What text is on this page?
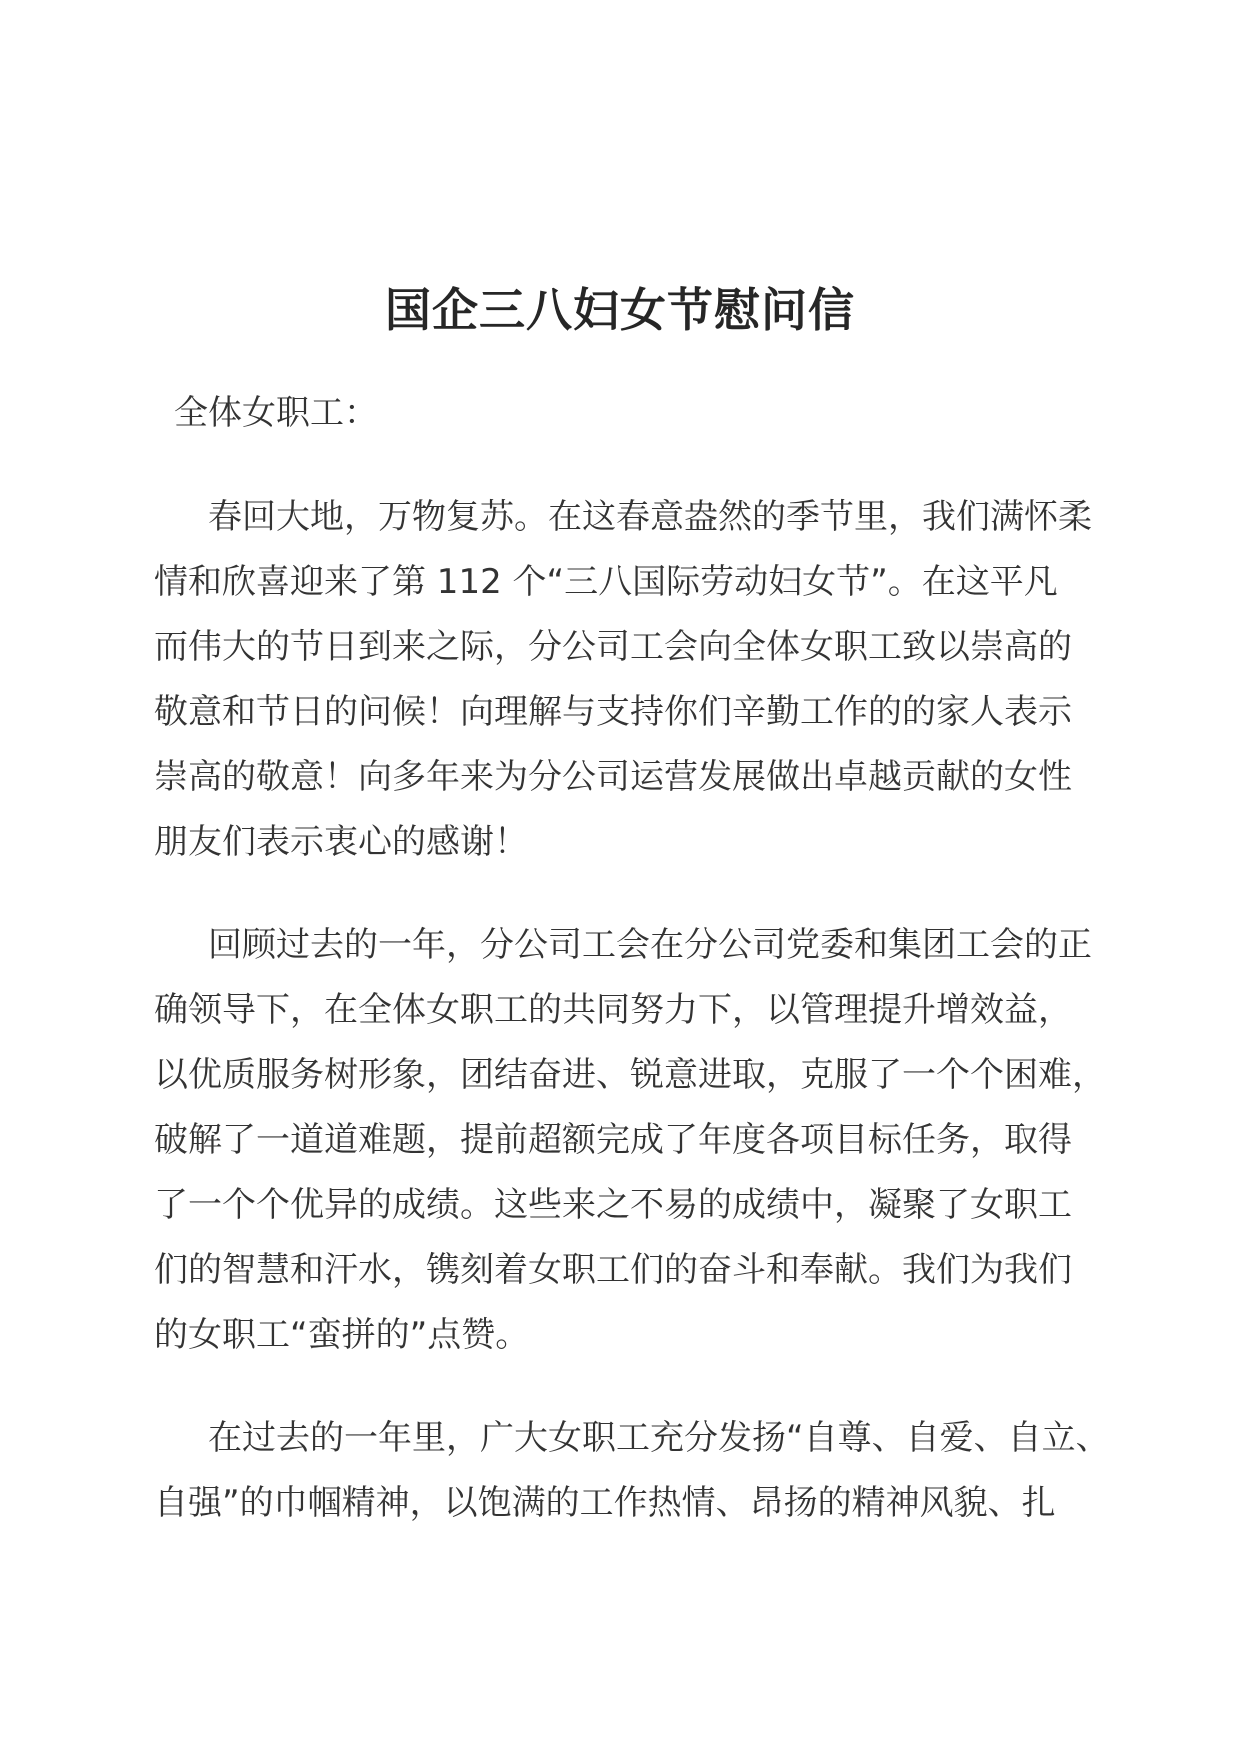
国企三八妇女节慰问信
全体女职工：
春回大地，万物复苏。在这春意盎然的季节里，我们满怀柔
情和欣喜迎来了第 112 个“三八国际劳动妇女节”。在这平凡
而伟大的节日到来之际，分公司工会向全体女职工致以崇高的
敬意和节日的问候！向理解与支持你们辛勤工作的的家人表示
崇高的敬意！向多年来为分公司运营发展做出卓越贡献的女性
朋友们表示衷心的感谢！
回顾过去的一年，分公司工会在分公司党委和集团工会的正
确领导下，在全体女职工的共同努力下，以管理提升增效益，
以优质服务树形象，团结奋进、锐意进取，克服了一个个困难，
破解了一道道难题，提前超额完成了年度各项目标任务，取得
了一个个优异的成绩。这些来之不易的成绩中，凝聚了女职工
们的智慧和汗水，镌刻着女职工们的奋斗和奉献。我们为我们
的女职工“蛮拼的”点赞。
在过去的一年里，广大女职工充分发扬“自尊、自爱、自立、
自强”的巾帼精神，以饱满的工作热情、昂扬的精神风貌、扎
